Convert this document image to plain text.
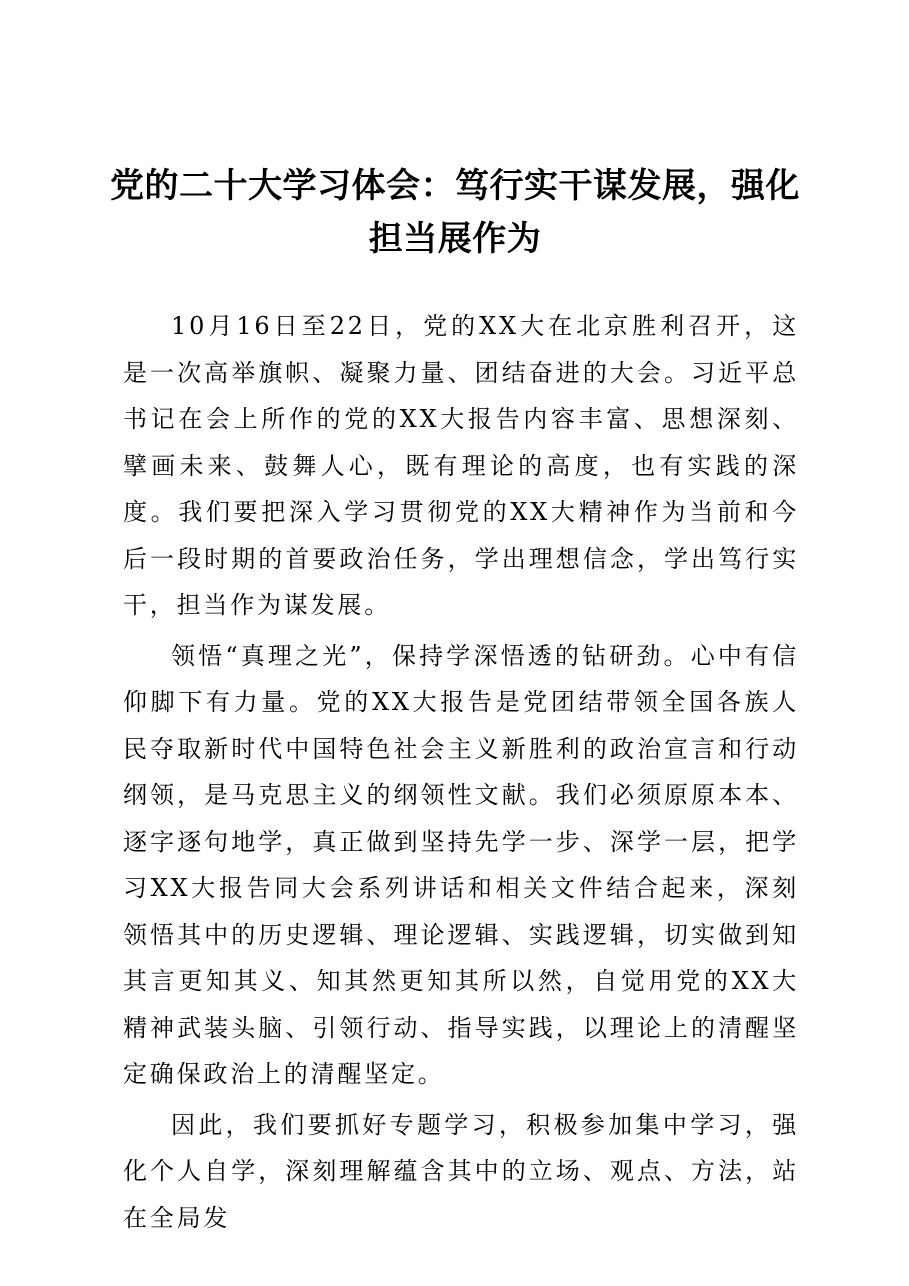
党的二十大学习体会：笃行实干谋发展，强化担当展作为

10月16日至22日，党的XX大在北京胜利召开，这是一次高举旗帜、凝聚力量、团结奋进的大会。习近平总书记在会上所作的党的XX大报告内容丰富、思想深刻、擘画未来、鼓舞人心，既有理论的高度，也有实践的深度。我们要把深入学习贯彻党的XX大精神作为当前和今后一段时期的首要政治任务，学出理想信念，学出笃行实干，担当作为谋发展。

领悟“真理之光”，保持学深悟透的钻研劲。心中有信仰脚下有力量。党的XX大报告是党团结带领全国各族人民夺取新时代中国特色社会主义新胜利的政治宣言和行动纲领，是马克思主义的纲领性文献。我们必须原原本本、逐字逐句地学，真正做到坚持先学一步、深学一层，把学习XX大报告同大会系列讲话和相关文件结合起来，深刻领悟其中的历史逻辑、理论逻辑、实践逻辑，切实做到知其言更知其义、知其然更知其所以然，自觉用党的XX大精神武装头脑、引领行动、指导实践，以理论上的清醒坚定确保政治上的清醒坚定。

因此，我们要抓好专题学习，积极参加集中学习，强化个人自学，深刻理解蕴含其中的立场、观点、方法，站在全局发
